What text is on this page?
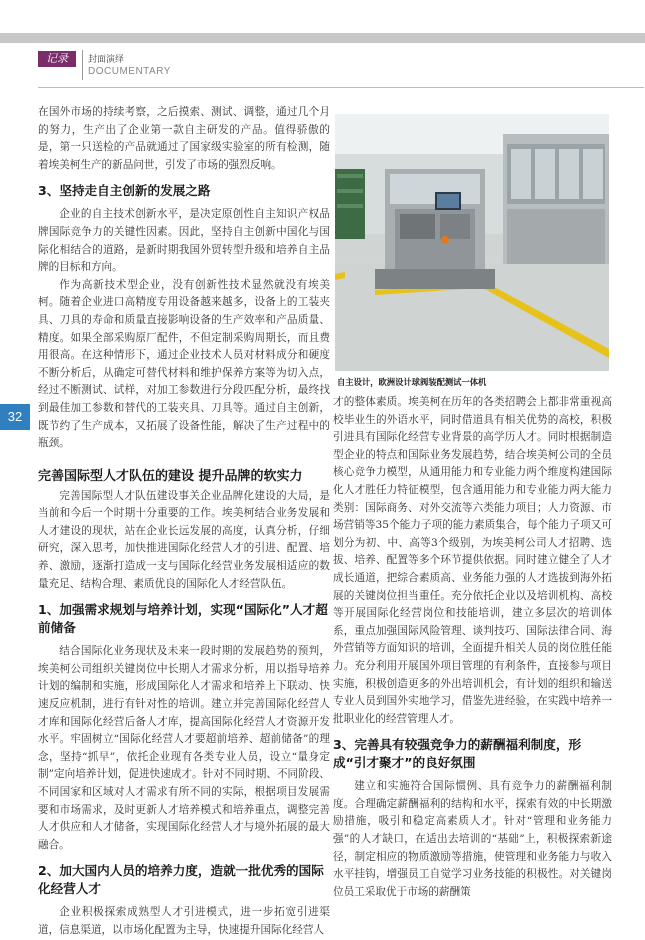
记录	封面演绎
DOCUMENTARY
32

在国外市场的持续考察，之后摸索、测试、调整，通过几个月的努力，生产出了企业第一款自主研发的产品。值得骄傲的是，第一只送检的产品就通过了国家级实验室的所有检测，随着埃美柯生产的新品问世，引发了市场的强烈反响。

3、坚持走自主创新的发展之路

企业的自主技术创新水平，是决定原创性自主知识产权品牌国际竞争力的关键性因素。因此，坚持自主创新中国化与国际化相结合的道路，是新时期我国外贸转型升级和培养自主品牌的目标和方向。

作为高新技术型企业，没有创新性技术显然就没有埃美柯。随着企业进口高精度专用设备越来越多，设备上的工装夹具、刀具的寿命和质量直接影响设备的生产效率和产品质量、精度。如果全部采购原厂配件，不但定制采购周期长，而且费用很高。在这种情形下，通过企业技术人员对材料成分和硬度不断分析后，从确定可替代材料和维护保养方案等为切入点，经过不断测试、试样，对加工参数进行分段匹配分析，最终找到最佳加工参数和替代的工装夹具、刀具等。通过自主创新，既节约了生产成本，又拓展了设备性能，解决了生产过程中的瓶颈。

完善国际型人才队伍的建设 提升品牌的软实力

完善国际型人才队伍建设事关企业品牌化建设的大局，是当前和今后一个时期十分重要的工作。埃美柯结合业务发展和人才建设的现状，站在企业长远发展的高度，认真分析，仔细研究，深入思考，加快推进国际化经营人才的引进、配置、培养、激励，逐渐打造成一支与国际化经营业务发展相适应的数量充足、结构合理、素质优良的国际化人才经营队伍。

1、加强需求规划与培养计划，实现“国际化”人才超前储备

结合国际化业务现状及未来一段时期的发展趋势的预判，埃美柯公司组织关键岗位中长期人才需求分析，用以指导培养计划的编制和实施，形成国际化人才需求和培养上下联动、快速反应机制，进行有针对性的培训。建立并完善国际化经营人才库和国际化经营后备人才库，提高国际化经营人才资源开发水平。牢固树立“国际化经营人才要超前培养、超前储备”的理念，坚持“抓早”，依托企业现有各类专业人员，设立“量身定制”定向培养计划，促进快速成才。针对不同时期、不同阶段、不同国家和区域对人才需求有所不同的实际，根据项目发展需要和市场需求，及时更新人才培养模式和培养重点，调整完善人才供应和人才储备，实现国际化经营人才与境外拓展的最大融合。

2、加大国内人员的培养力度，造就一批优秀的国际化经营人才

企业积极探索成熟型人才引进模式，进一步拓宽引进渠道，信息渠道，以市场化配置为主导，快速提升国际化经营人

自主设计，欧洲设计球阀装配测试一体机

才的整体素质。埃美柯在历年的各类招聘会上都非常重视高校毕业生的外语水平，同时借道具有相关优势的高校，积极引进具有国际化经营专业背景的高学历人才。同时根据制造型企业的特点和国际业务发展趋势，结合埃美柯公司的全员核心竞争力模型，从通用能力和专业能力两个维度构建国际化人才胜任力特征模型，包含通用能力和专业能力两大能力类别：国际商务、对外交流等六类能力项目；人力资源、市场营销等35个能力子项的能力素质集合，每个能力子项又可划分为初、中、高等3个级别，为埃美柯公司人才招聘、选拔、培养、配置等多个环节提供依据。同时建立健全了人才成长通道，把综合素质高、业务能力强的人才选拔到海外拓展的关键岗位担当重任。充分依托企业以及培训机构、高校等开展国际化经营岗位和技能培训，建立多层次的培训体系，重点加强国际风险管理、谈判技巧、国际法律合同、海外营销等方面知识的培训，全面提升相关人员的岗位胜任能力。充分利用开展国外项目管理的有利条件，直接参与项目实施，积极创造更多的外出培训机会，有计划的组织和输送专业人员到国外实地学习，借鉴先进经验，在实践中培养一批职业化的经营管理人才。

3、完善具有较强竞争力的薪酬福利制度，形成“引才聚才”的良好氛围

建立和实施符合国际惯例、具有竞争力的薪酬福利制度。合理确定薪酬福利的结构和水平，探索有效的中长期激励措施，吸引和稳定高素质人才。针对“管理和业务能力强”的人才缺口，在适出去培训的“基础”上，积极探索新途径，制定相应的物质激励等措施，使管理和业务能力与收入水平挂钩，增强员工自觉学习业务技能的积极性。对关键岗位员工采取优于市场的薪酬策
